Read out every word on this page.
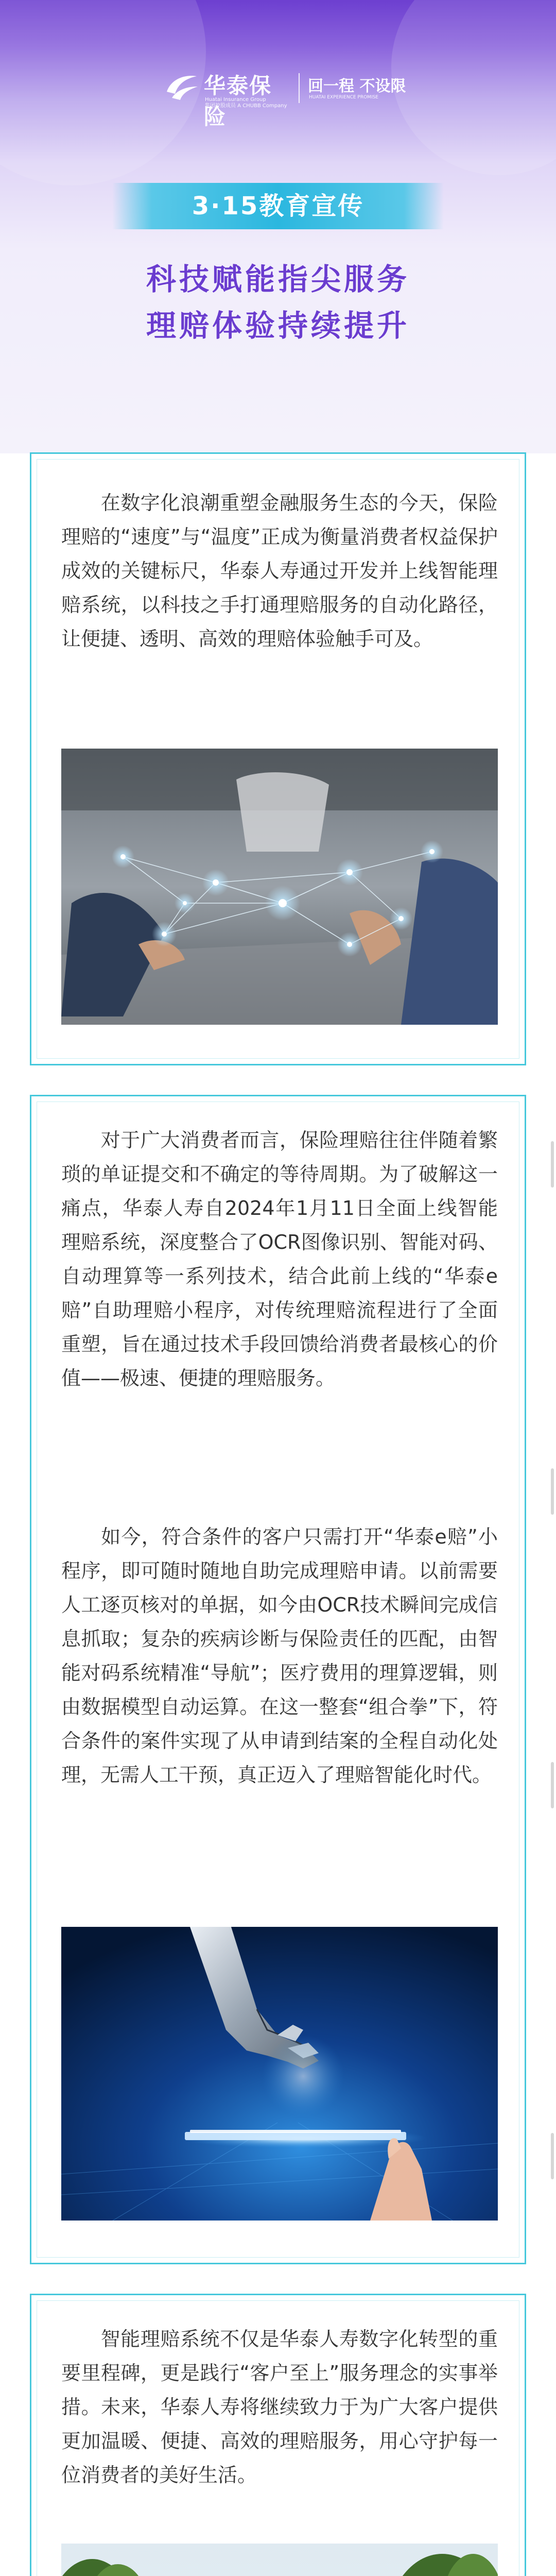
华泰保险
Huatai Insurance Group
集团控股成员 A CHUBB Company
回一程 不设限
HUATAI EXPERIENCE PROMISE
3·15教育宣传
科技赋能指尖服务
理赔体验持续提升

在数字化浪潮重塑金融服务生态的今天，保险理赔的“速度”与“温度”正成为衡量消费者权益保护成效的关键标尺，华泰人寿通过开发并上线智能理赔系统，以科技之手打通理赔服务的自动化路径，让便捷、透明、高效的理赔体验触手可及。

对于广大消费者而言，保险理赔往往伴随着繁琐的单证提交和不确定的等待周期。为了破解这一痛点，华泰人寿自2024年1月11日全面上线智能理赔系统，深度整合了OCR图像识别、智能对码、自动理算等一系列技术，结合此前上线的“华泰e赔”自助理赔小程序，对传统理赔流程进行了全面重塑，旨在通过技术手段回馈给消费者最核心的价值——极速、便捷的理赔服务。

如今，符合条件的客户只需打开“华泰e赔”小程序，即可随时随地自助完成理赔申请。以前需要人工逐页核对的单据，如今由OCR技术瞬间完成信息抓取；复杂的疾病诊断与保险责任的匹配，由智能对码系统精准“导航”；医疗费用的理算逻辑，则由数据模型自动运算。在这一整套“组合拳”下，符合条件的案件实现了从申请到结案的全程自动化处理，无需人工干预，真正迈入了理赔智能化时代。

智能理赔系统不仅是华泰人寿数字化转型的重要里程碑，更是践行“客户至上”服务理念的实事举措。未来，华泰人寿将继续致力于为广大客户提供更加温暖、便捷、高效的理赔服务，用心守护每一位消费者的美好生活。
